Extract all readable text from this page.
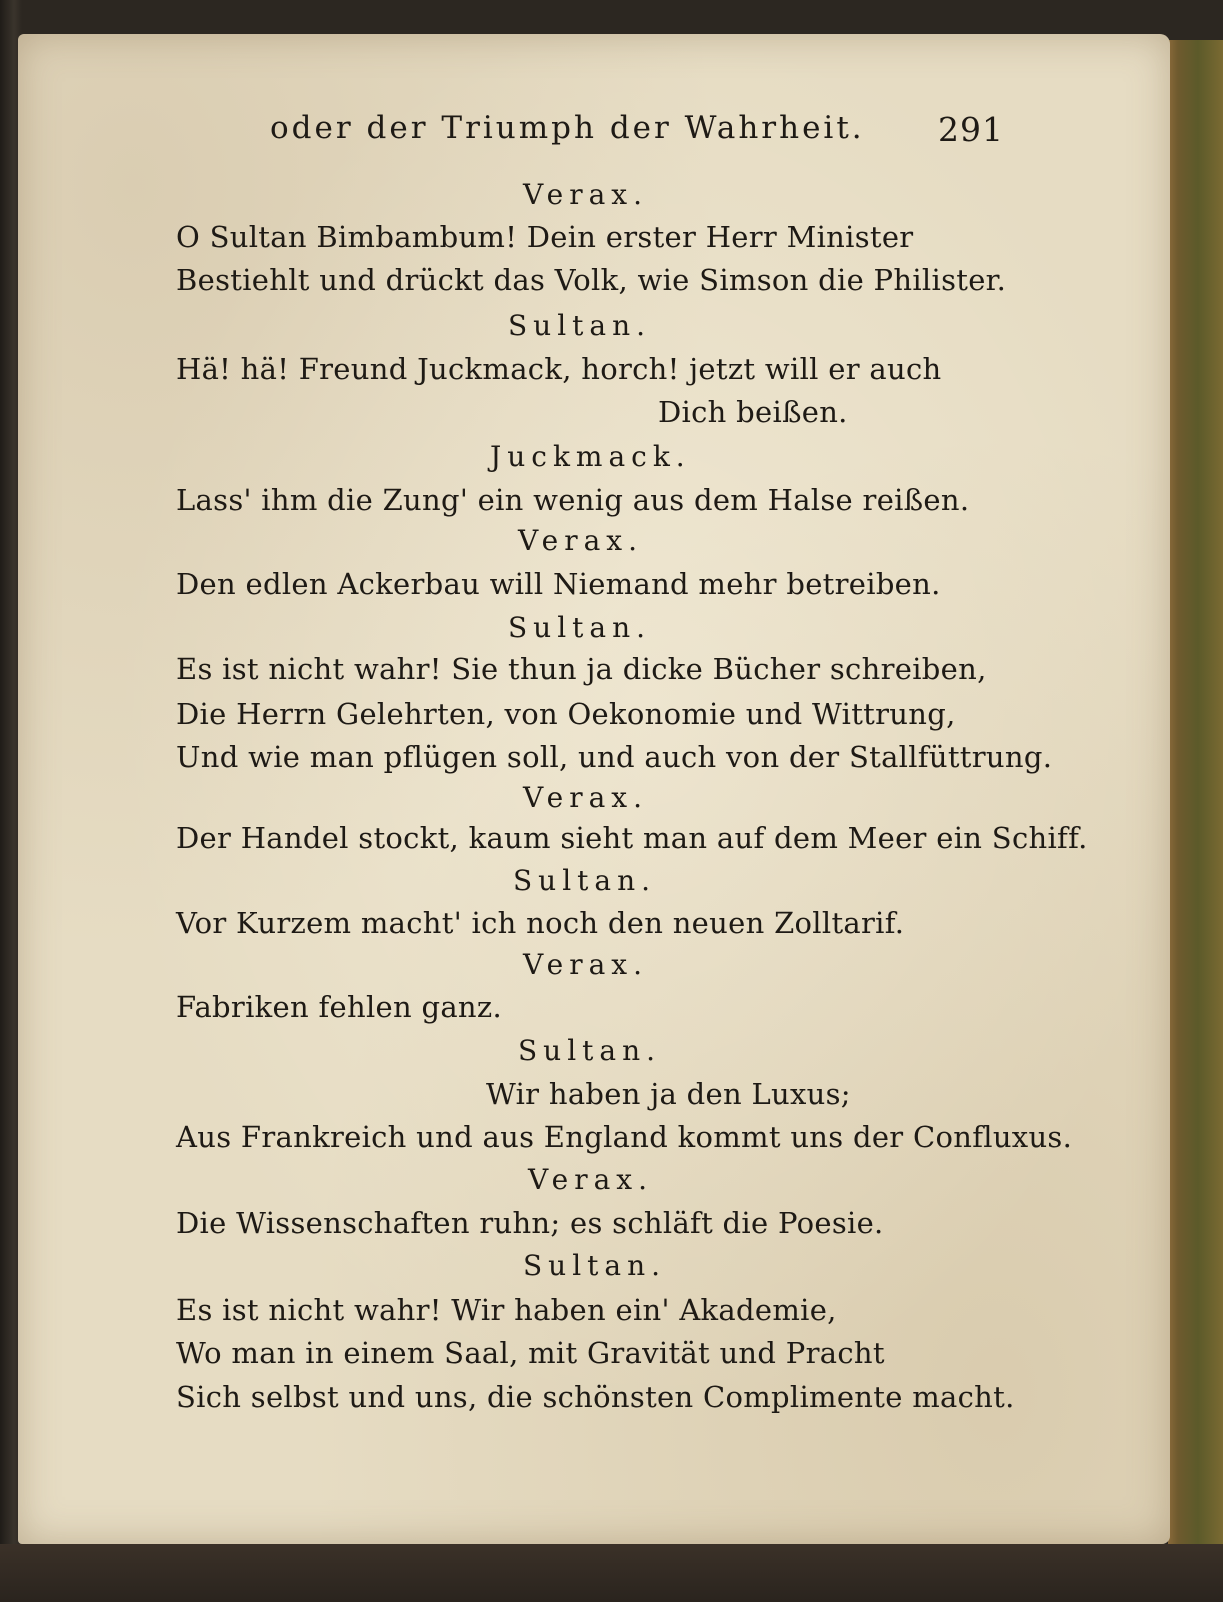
oder der Triumph der Wahrheit.	291
Verax.
O Sultan Bimbambum! Dein erster Herr Minister
Bestiehlt und drückt das Volk, wie Simson die Philister.
Sultan.
Hä! hä! Freund Juckmack, horch! jetzt will er auch
Dich beißen.
Juckmack.
Lass' ihm die Zung' ein wenig aus dem Halse reißen.
Verax.
Den edlen Ackerbau will Niemand mehr betreiben.
Sultan.
Es ist nicht wahr! Sie thun ja dicke Bücher schreiben,
Die Herrn Gelehrten, von Oekonomie und Wittrung,
Und wie man pflügen soll, und auch von der Stallfüttrung.
Verax.
Der Handel stockt, kaum sieht man auf dem Meer ein Schiff.
Sultan.
Vor Kurzem macht' ich noch den neuen Zolltarif.
Verax.
Fabriken fehlen ganz.
Sultan.
Wir haben ja den Luxus;
Aus Frankreich und aus England kommt uns der Confluxus.
Verax.
Die Wissenschaften ruhn; es schläft die Poesie.
Sultan.
Es ist nicht wahr! Wir haben ein' Akademie,
Wo man in einem Saal, mit Gravität und Pracht
Sich selbst und uns, die schönsten Complimente macht.
